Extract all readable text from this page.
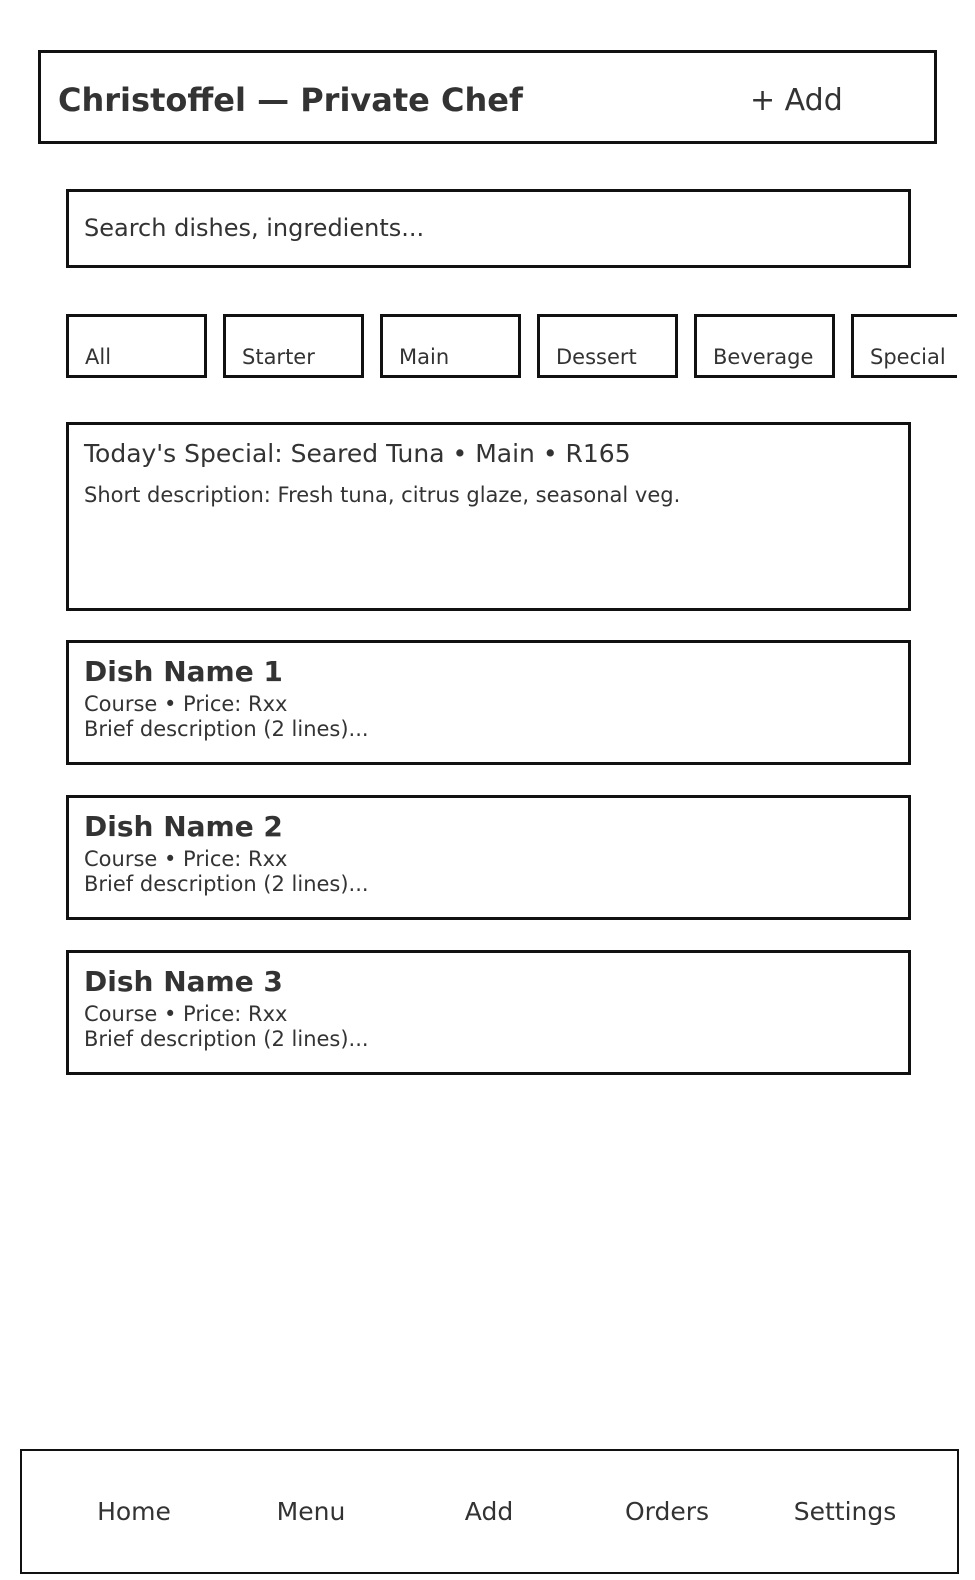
Christoffel — Private Chef	+ Add
Search dishes, ingredients...
All	Starter	Main	Dessert	Beverage	Special
Today's Special: Seared Tuna • Main • R165
Short description: Fresh tuna, citrus glaze, seasonal veg.
Dish Name 1
Course • Price: Rxx
Brief description (2 lines)...
Dish Name 2
Course • Price: Rxx
Brief description (2 lines)...
Dish Name 3
Course • Price: Rxx
Brief description (2 lines)...
Home	Menu	Add	Orders	Settings
